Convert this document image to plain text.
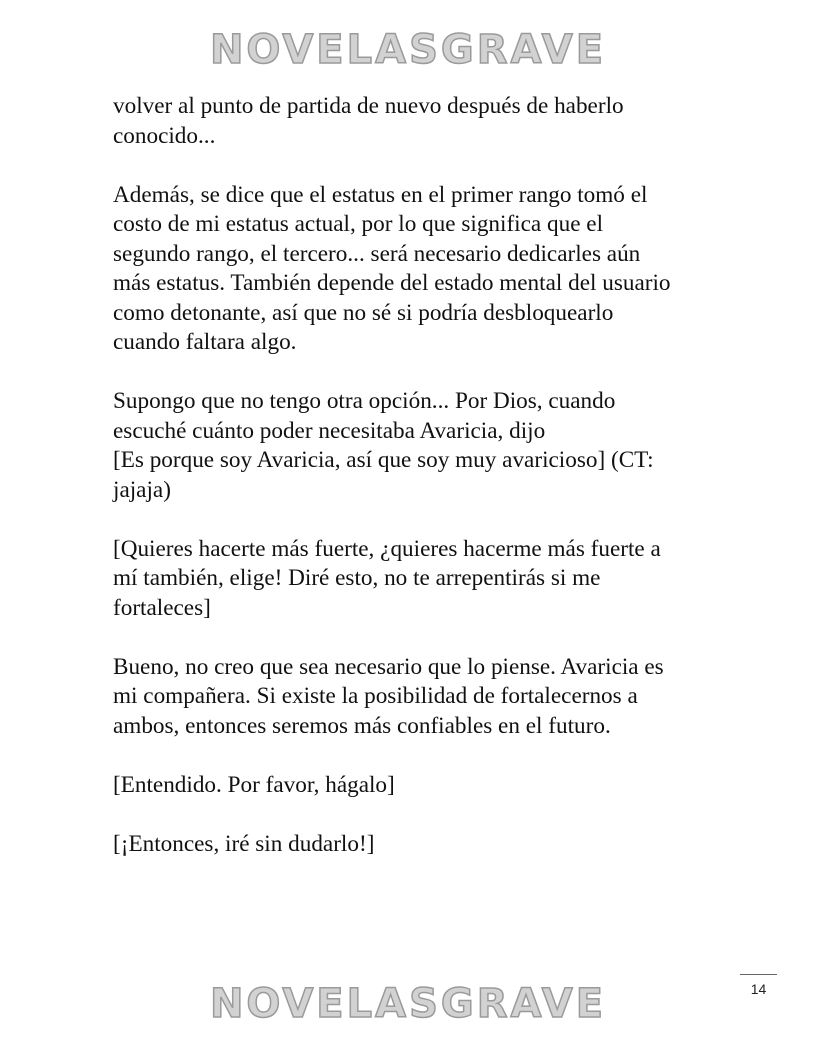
NOVELASGRAVE

volver al punto de partida de nuevo después de haberlo
conocido...

Además, se dice que el estatus en el primer rango tomó el
costo de mi estatus actual, por lo que significa que el
segundo rango, el tercero... será necesario dedicarles aún
más estatus. También depende del estado mental del usuario
como detonante, así que no sé si podría desbloquearlo
cuando faltara algo.

Supongo que no tengo otra opción... Por Dios, cuando
escuché cuánto poder necesitaba Avaricia, dijo
[Es porque soy Avaricia, así que soy muy avaricioso] (CT:
jajaja)

[Quieres hacerte más fuerte, ¿quieres hacerme más fuerte a
mí también, elige! Diré esto, no te arrepentirás si me
fortaleces]

Bueno, no creo que sea necesario que lo piense. Avaricia es
mi compañera. Si existe la posibilidad de fortalecernos a
ambos, entonces seremos más confiables en el futuro.

[Entendido. Por favor, hágalo]

[¡Entonces, iré sin dudarlo!]

14
NOVELASGRAVE
